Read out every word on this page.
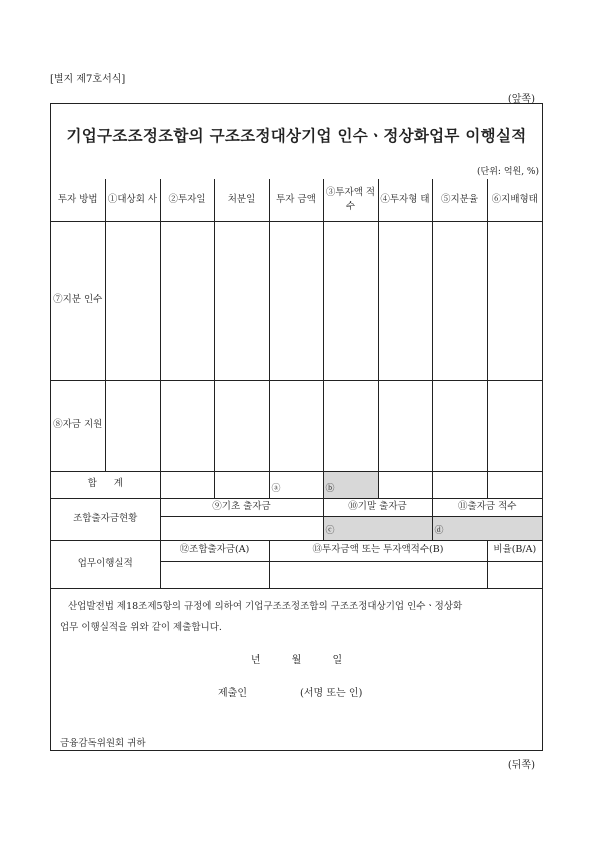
[별지 제7호서식]
(앞쪽)
기업구조조정조합의 구조조정대상기업 인수ㆍ정상화업무 이행실적
(단위: 억원, %)
투자 방법	①대상회 사	②투자일	처분일	투자 금액	③투자액 적 수	④투자형 태	⑤지분율	⑥지배형태
⑦지분 인수								
⑧자금 지원								
합 계				ⓐ	ⓑ			

조합출자금현황		⑨기초 출자금			⑩기말 출자금		⑪출자금 적수	

					ⓒ		ⓓ	

업무이행실적		⑫조합출자금(A)		⑬투자금액 또는 투자액적수(B)				비율(B/A)

산업발전법 제18조제5항의 규정에 의하여 기업구조조정조합의 구조조정대상기업 인수ㆍ정상화
업무 이행실적을 위와 같이 제출합니다.
년 월 일
제출인	(서명 또는 인)
금융감독위원회 귀하
(뒤쪽)
